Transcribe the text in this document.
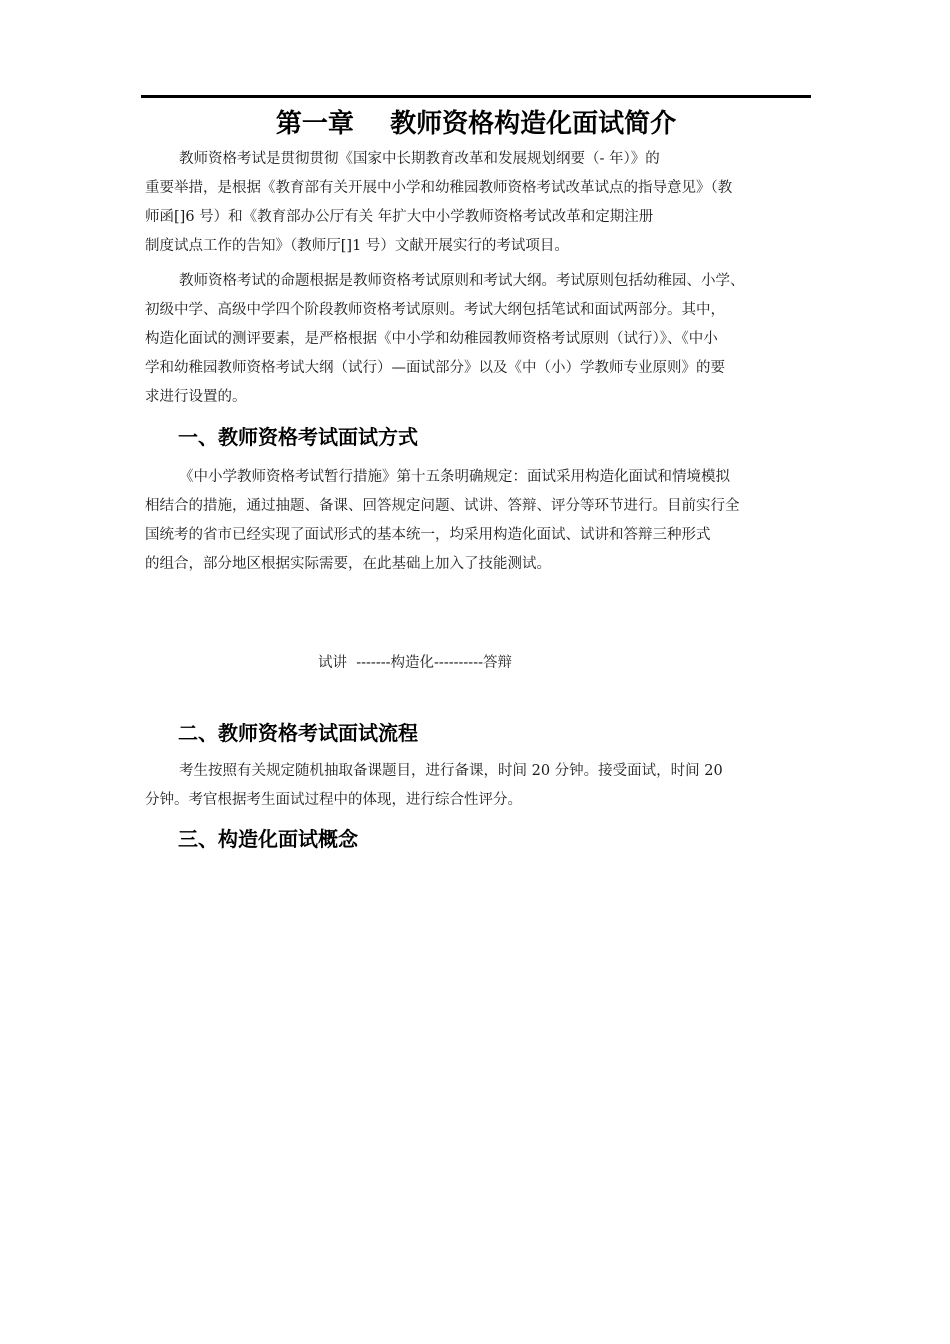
第一章    教师资格构造化面试简介
教师资格考试是贯彻贯彻《国家中长期教育改革和发展规划纲要（- 年）》的
重要举措，是根据《教育部有关开展中小学和幼稚园教师资格考试改革试点的指导意见》（教
师函[]6 号）和《教育部办公厅有关 年扩大中小学教师资格考试改革和定期注册
制度试点工作的告知》（教师厅[]1 号）文献开展实行的考试项目。
教师资格考试的命题根据是教师资格考试原则和考试大纲。考试原则包括幼稚园、小学、
初级中学、高级中学四个阶段教师资格考试原则。考试大纲包括笔试和面试两部分。其中，
构造化面试的测评要素，是严格根据《中小学和幼稚园教师资格考试原则（试行）》、《中小
学和幼稚园教师资格考试大纲（试行）—面试部分》以及《中（小）学教师专业原则》的要
求进行设置的。
一、教师资格考试面试方式
《中小学教师资格考试暂行措施》第十五条明确规定：面试采用构造化面试和情境模拟
相结合的措施，通过抽题、备课、回答规定问题、试讲、答辩、评分等环节进行。目前实行全
国统考的省市已经实现了面试形式的基本统一，均采用构造化面试、试讲和答辩三种形式
的组合，部分地区根据实际需要，在此基础上加入了技能测试。
试讲  -------构造化----------答辩
二、教师资格考试面试流程
考生按照有关规定随机抽取备课题目，进行备课，时间 20 分钟。接受面试，时间 20
分钟。考官根据考生面试过程中的体现，进行综合性评分。
三、构造化面试概念
